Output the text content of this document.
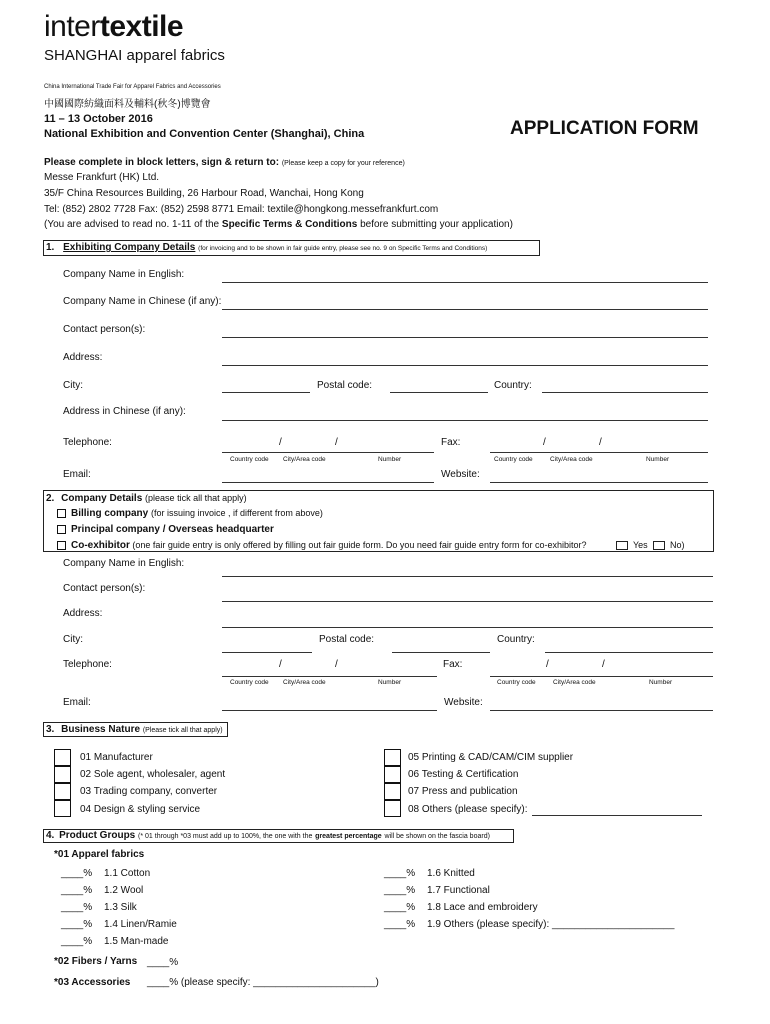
intertextile
SHANGHAI apparel fabrics
China International Trade Fair for Apparel Fabrics and Accessories
中國國際紡織面料及輔料(秋冬)博覽會
11 – 13 October 2016
National Exhibition and Convention Center (Shanghai), China	APPLICATION FORM
Please complete in block letters, sign & return to: (Please keep a copy for your reference)
Messe Frankfurt (HK) Ltd.
35/F China Resources Building, 26 Harbour Road, Wanchai, Hong Kong
Tel: (852) 2802 7728 Fax: (852) 2598 8771 Email: textile@hongkong.messefrankfurt.com
(You are advised to read no. 1-11 of the Specific Terms & Conditions before submitting your application)
1. Exhibiting Company Details (for invoicing and to be shown in fair guide entry, please see no. 9 on Specific Terms and Conditions)
Company Name in English:
Company Name in Chinese (if any):
Contact person(s):
Address:
City:	Postal code:	Country:
Address in Chinese (if any):
Telephone:	/	/
Country code City/Area code	Number
Fax:	/	/
Country code	City/Area code	Number
Email:	Website:
2. Company Details (please tick all that apply)
Billing company (for issuing invoice , if different from above)
Principal company / Overseas headquarter
Co-exhibitor (one fair guide entry is only offered by filling out fair guide form. Do you need fair guide entry form for co-exhibitor?	Yes No)
Company Name in English:
Contact person(s):
Address:
City:	Postal code:	Country:
Telephone:	/	/
Country code City/Area code	Number
Fax:	/	/
Country code	City/Area code	Number
Email:	Website:
3. Business Nature (Please tick all that apply)
01 Manufacturer
02 Sole agent, wholesaler, agent
03 Trading company, converter
04 Design & styling service
05 Printing & CAD/CAM/CIM supplier
06 Testing & Certification
07 Press and publication
08 Others (please specify):
4. Product Groups (* 01 through *03 must add up to 100%, the one with the greatest percentage will be shown on the fascia board)
*01 Apparel fabrics
____% 1.1 Cotton
____% 1.2 Wool
____% 1.3 Silk
____% 1.4 Linen/Ramie
____% 1.5 Man-made
____% 1.6 Knitted
____% 1.7 Functional
____% 1.8 Lace and embroidery
____% 1.9 Others (please specify): ______________________
*02 Fibers / Yarns ____%
*03 Accessories ____% (please specify: ______________________)
